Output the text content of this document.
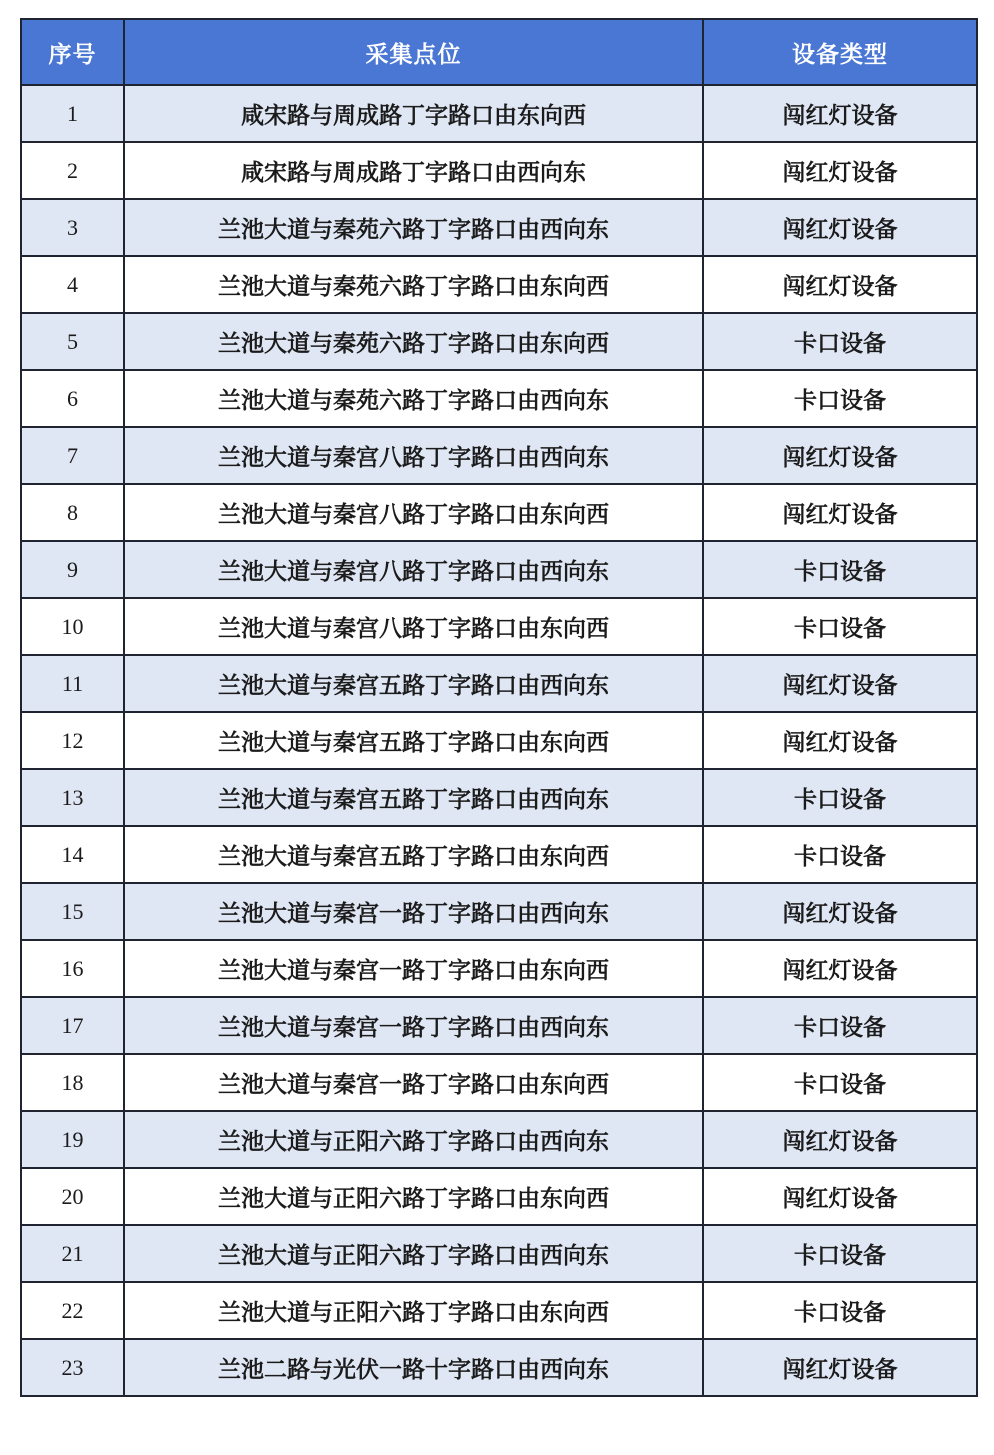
序号	采集点位	设备类型
1	咸宋路与周成路丁字路口由东向西	闯红灯设备
2	咸宋路与周成路丁字路口由西向东	闯红灯设备
3	兰池大道与秦苑六路丁字路口由西向东	闯红灯设备
4	兰池大道与秦苑六路丁字路口由东向西	闯红灯设备
5	兰池大道与秦苑六路丁字路口由东向西	卡口设备
6	兰池大道与秦苑六路丁字路口由西向东	卡口设备
7	兰池大道与秦宫八路丁字路口由西向东	闯红灯设备
8	兰池大道与秦宫八路丁字路口由东向西	闯红灯设备
9	兰池大道与秦宫八路丁字路口由西向东	卡口设备
10	兰池大道与秦宫八路丁字路口由东向西	卡口设备
11	兰池大道与秦宫五路丁字路口由西向东	闯红灯设备
12	兰池大道与秦宫五路丁字路口由东向西	闯红灯设备
13	兰池大道与秦宫五路丁字路口由西向东	卡口设备
14	兰池大道与秦宫五路丁字路口由东向西	卡口设备
15	兰池大道与秦宫一路丁字路口由西向东	闯红灯设备
16	兰池大道与秦宫一路丁字路口由东向西	闯红灯设备
17	兰池大道与秦宫一路丁字路口由西向东	卡口设备
18	兰池大道与秦宫一路丁字路口由东向西	卡口设备
19	兰池大道与正阳六路丁字路口由西向东	闯红灯设备
20	兰池大道与正阳六路丁字路口由东向西	闯红灯设备
21	兰池大道与正阳六路丁字路口由西向东	卡口设备
22	兰池大道与正阳六路丁字路口由东向西	卡口设备
23	兰池二路与光伏一路十字路口由西向东	闯红灯设备
